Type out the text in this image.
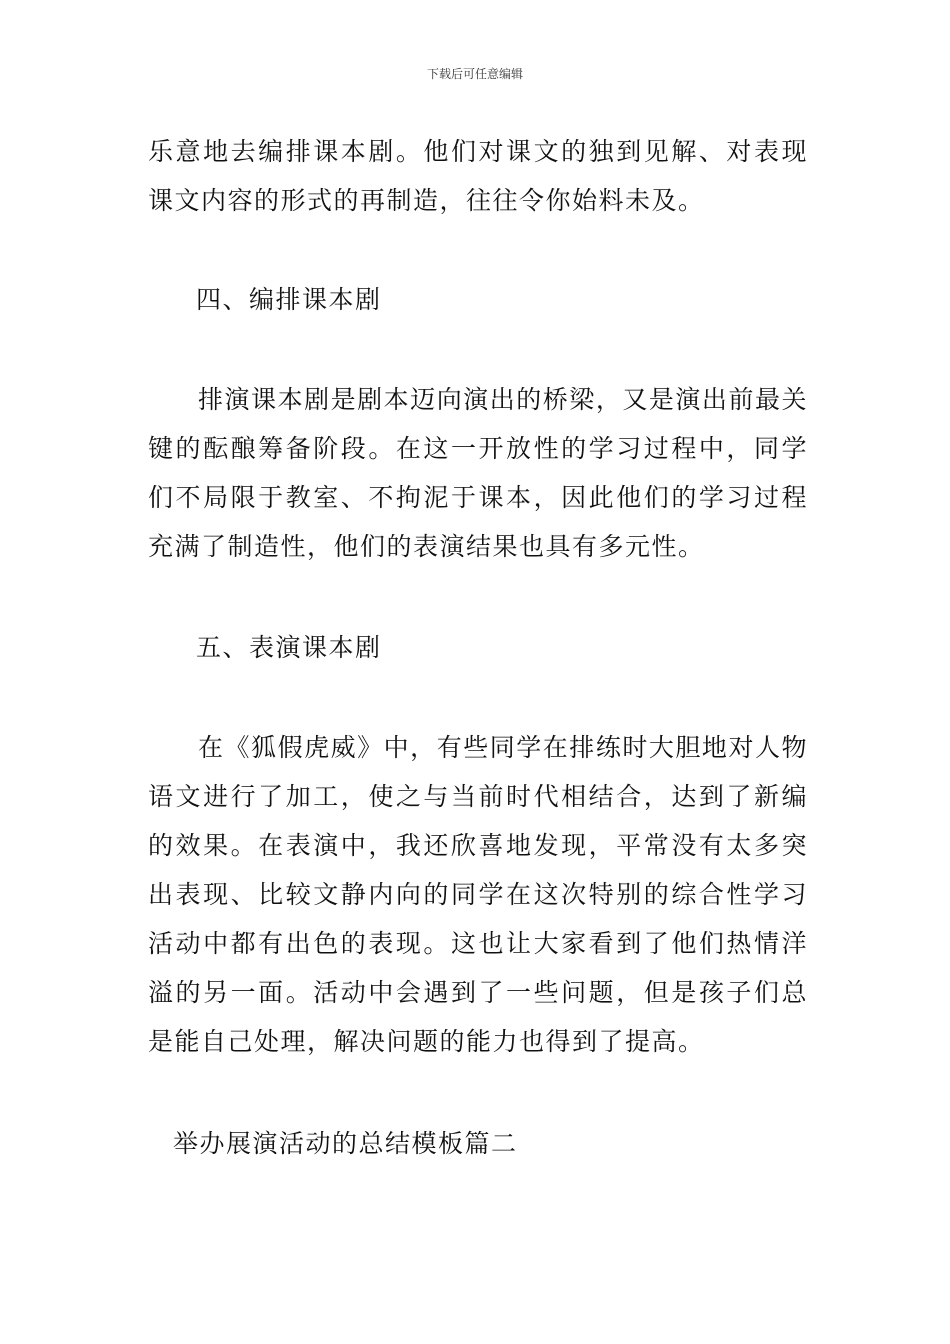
下载后可任意编辑

乐意地去编排课本剧。他们对课文的独到见解、对表现课文内容的形式的再制造，往往令你始料未及。

四、编排课本剧

排演课本剧是剧本迈向演出的桥梁，又是演出前最关键的酝酿筹备阶段。在这一开放性的学习过程中，同学们不局限于教室、不拘泥于课本，因此他们的学习过程充满了制造性，他们的表演结果也具有多元性。

五、表演课本剧

在《狐假虎威》中，有些同学在排练时大胆地对人物语文进行了加工，使之与当前时代相结合，达到了新编的效果。在表演中，我还欣喜地发现，平常没有太多突出表现、比较文静内向的同学在这次特别的综合性学习活动中都有出色的表现。这也让大家看到了他们热情洋溢的另一面。活动中会遇到了一些问题，但是孩子们总是能自己处理，解决问题的能力也得到了提高。

举办展演活动的总结模板篇二
